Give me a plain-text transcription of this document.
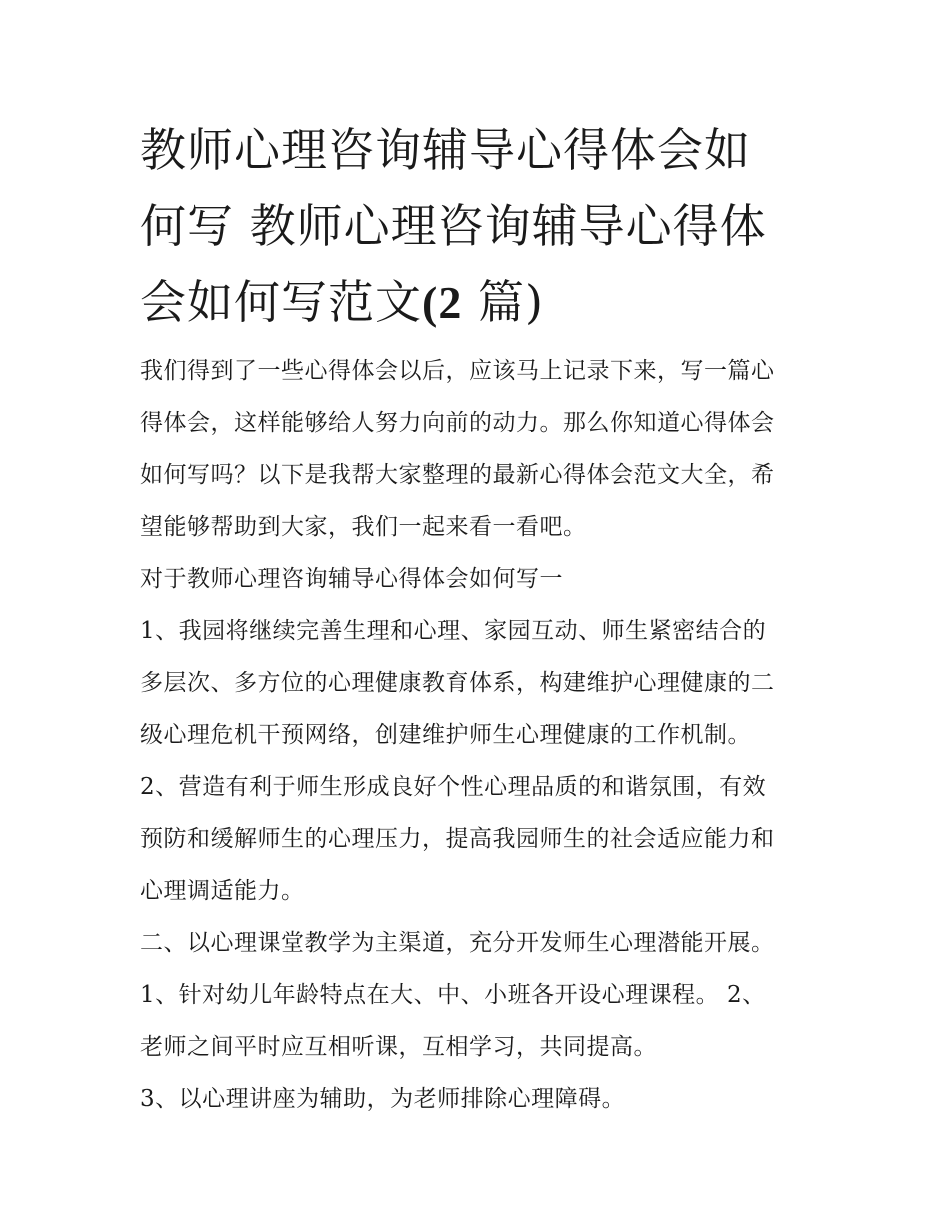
教师心理咨询辅导心得体会如
何写 教师心理咨询辅导心得体
会如何写范文(2 篇)

我们得到了一些心得体会以后，应该马上记录下来，写一篇心
得体会，这样能够给人努力向前的动力。那么你知道心得体会
如何写吗？以下是我帮大家整理的最新心得体会范文大全，希
望能够帮助到大家，我们一起来看一看吧。

对于教师心理咨询辅导心得体会如何写一

1、我园将继续完善生理和心理、家园互动、师生紧密结合的
多层次、多方位的心理健康教育体系，构建维护心理健康的二
级心理危机干预网络，创建维护师生心理健康的工作机制。

2、营造有利于师生形成良好个性心理品质的和谐氛围，有效
预防和缓解师生的心理压力，提高我园师生的社会适应能力和
心理调适能力。

二、以心理课堂教学为主渠道，充分开发师生心理潜能开展。

1、针对幼儿年龄特点在大、中、小班各开设心理课程。 2、
老师之间平时应互相听课，互相学习，共同提高。

3、以心理讲座为辅助，为老师排除心理障碍。
